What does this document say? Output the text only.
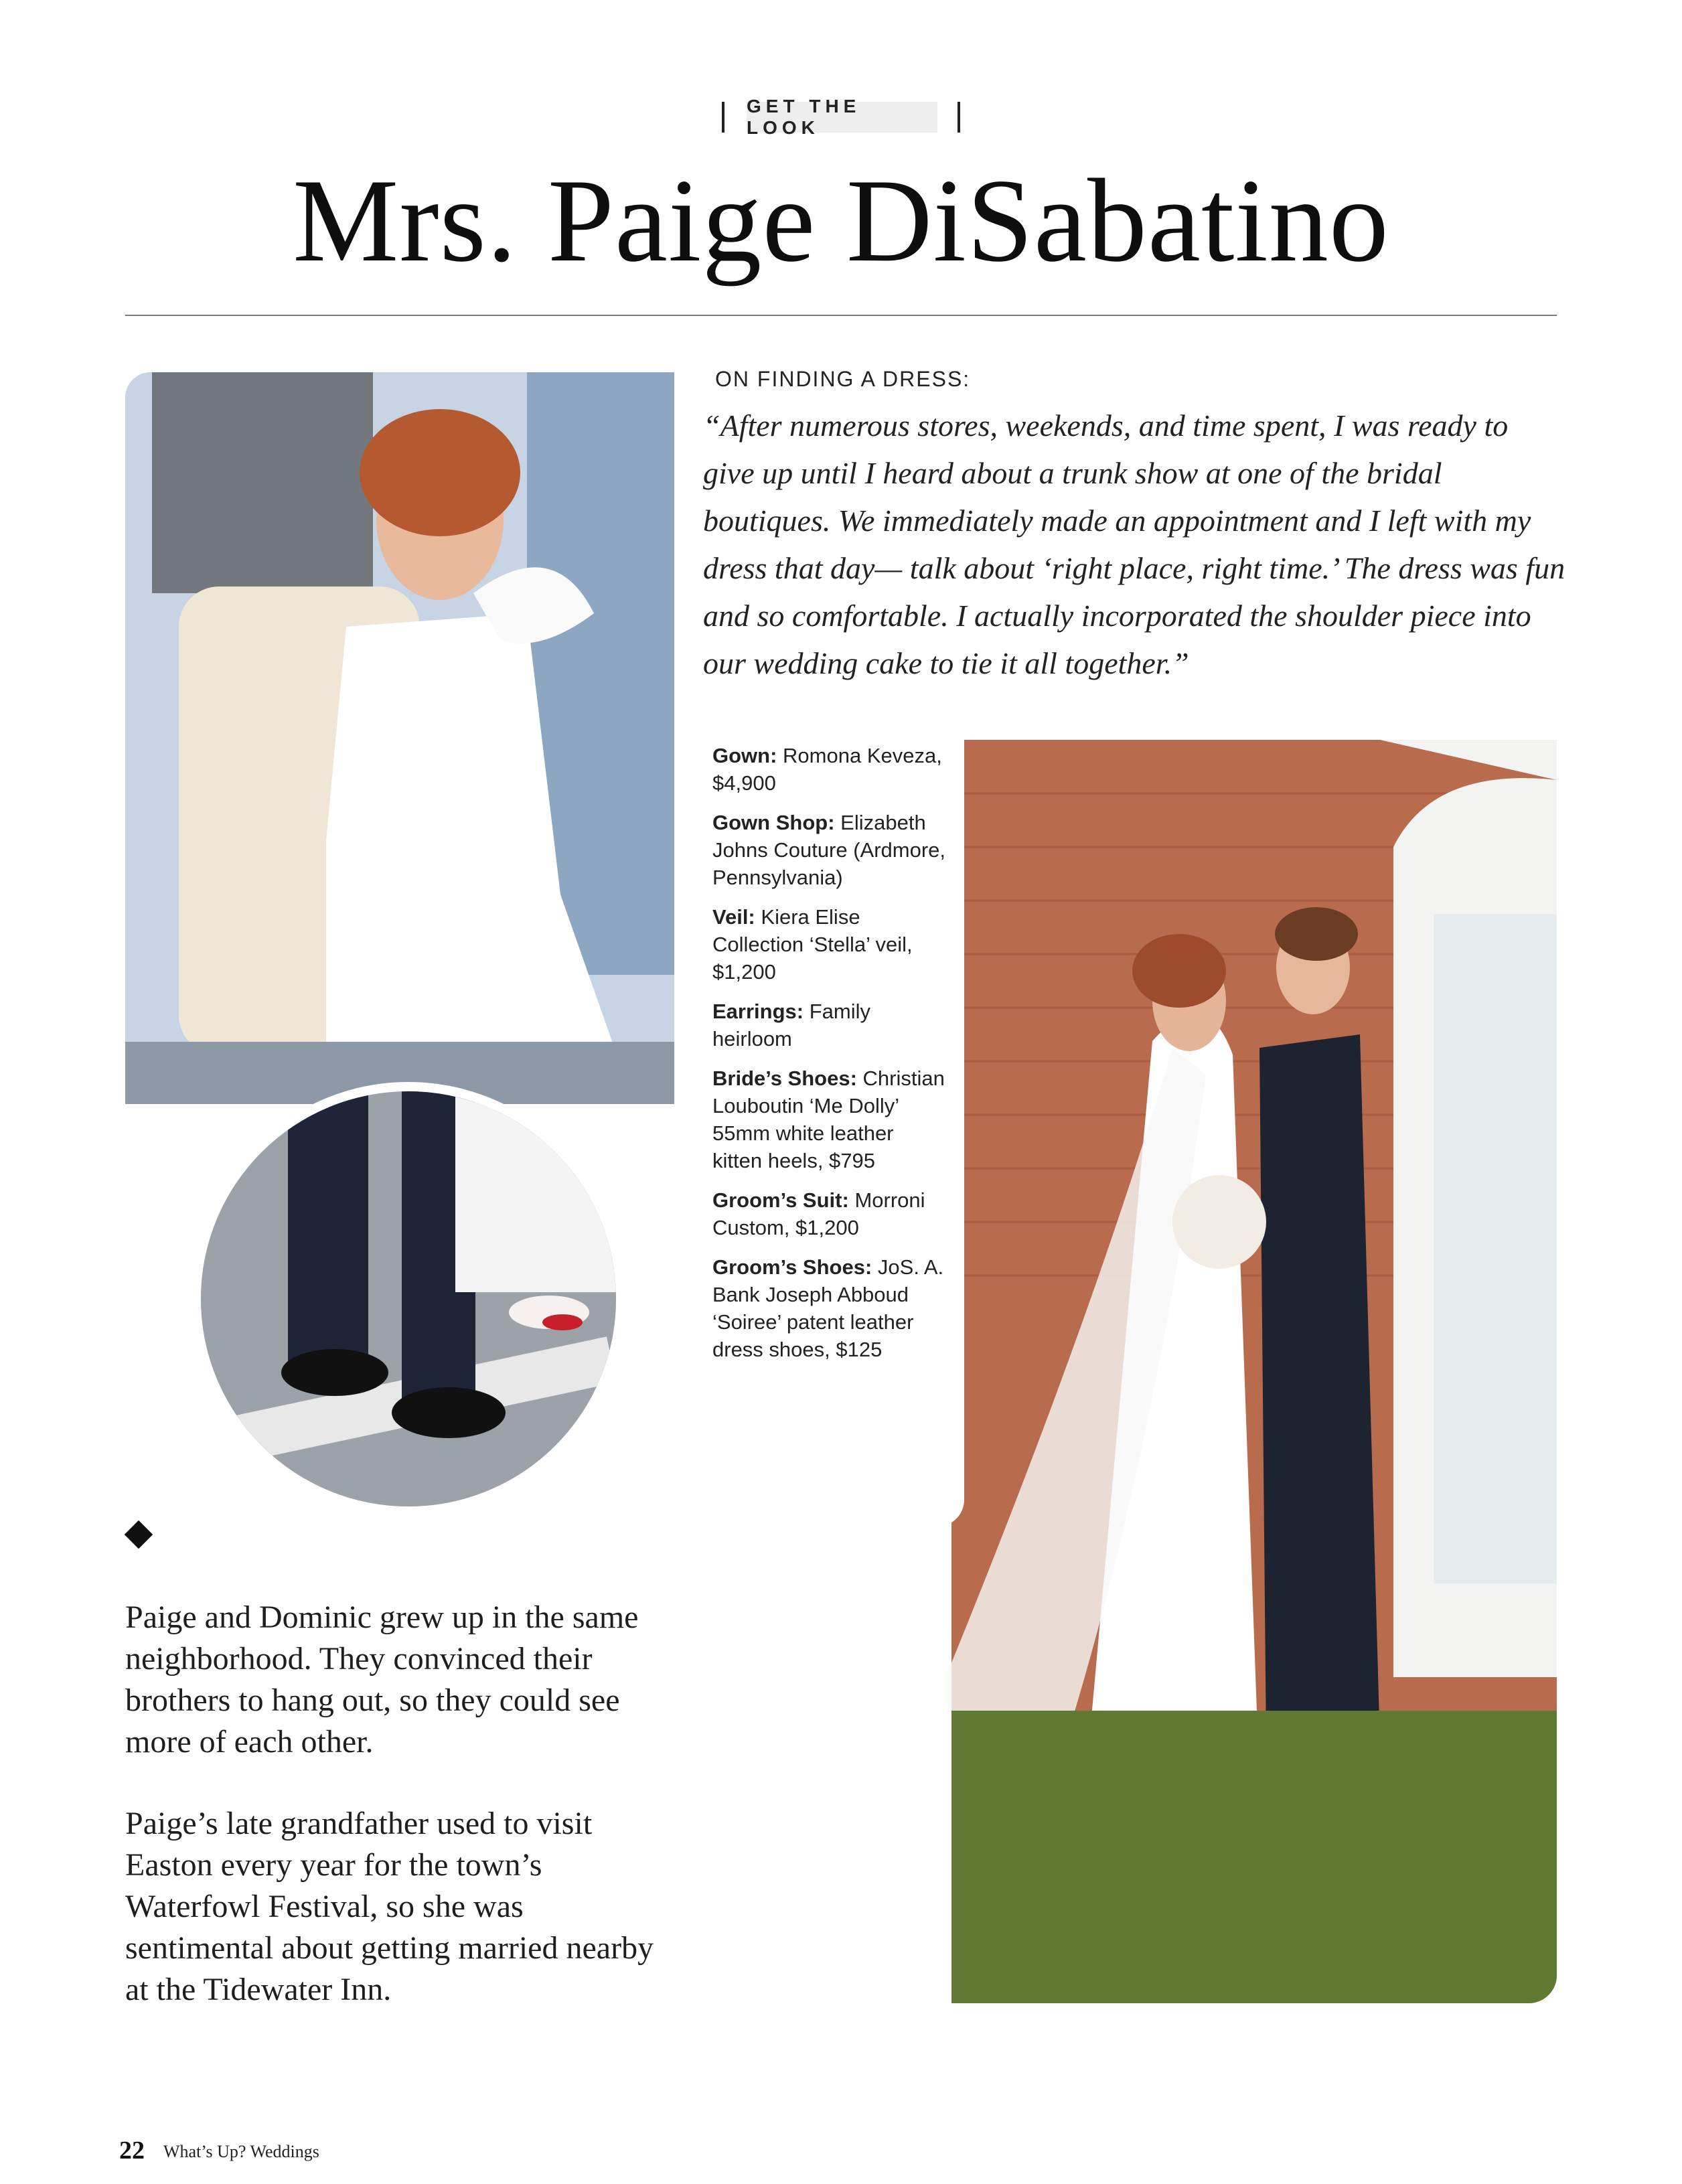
GET THE LOOK
Mrs. Paige DiSabatino
ON FINDING A DRESS:
“After numerous stores, weekends, and time spent, I was ready to give up until I heard about a trunk show at one of the bridal boutiques. We immediately made an appointment and I left with my dress that day— talk about ‘right place, right time.’ The dress was fun and so comfortable. I actually incorporated the shoulder piece into our wedding cake to tie it all together.”
Gown: Romona Keveza, $4,900
Gown Shop: Elizabeth Johns Couture (Ardmore, Pennsylvania)
Veil: Kiera Elise Collection ‘Stella’ veil, $1,200
Earrings: Family heirloom
Bride’s Shoes: Christian Louboutin ‘Me Dolly’ 55mm white leather kitten heels, $795
Groom’s Suit: Morroni Custom, $1,200
Groom’s Shoes: JoS. A. Bank Joseph Abboud ‘Soiree’ patent leather dress shoes, $125
Paige and Dominic grew up in the same neighborhood. They convinced their brothers to hang out, so they could see more of each other.
Paige’s late grandfather used to visit Easton every year for the town’s Waterfowl Festival, so she was sentimental about getting married nearby at the Tidewater Inn.
22 What’s Up? Weddings
